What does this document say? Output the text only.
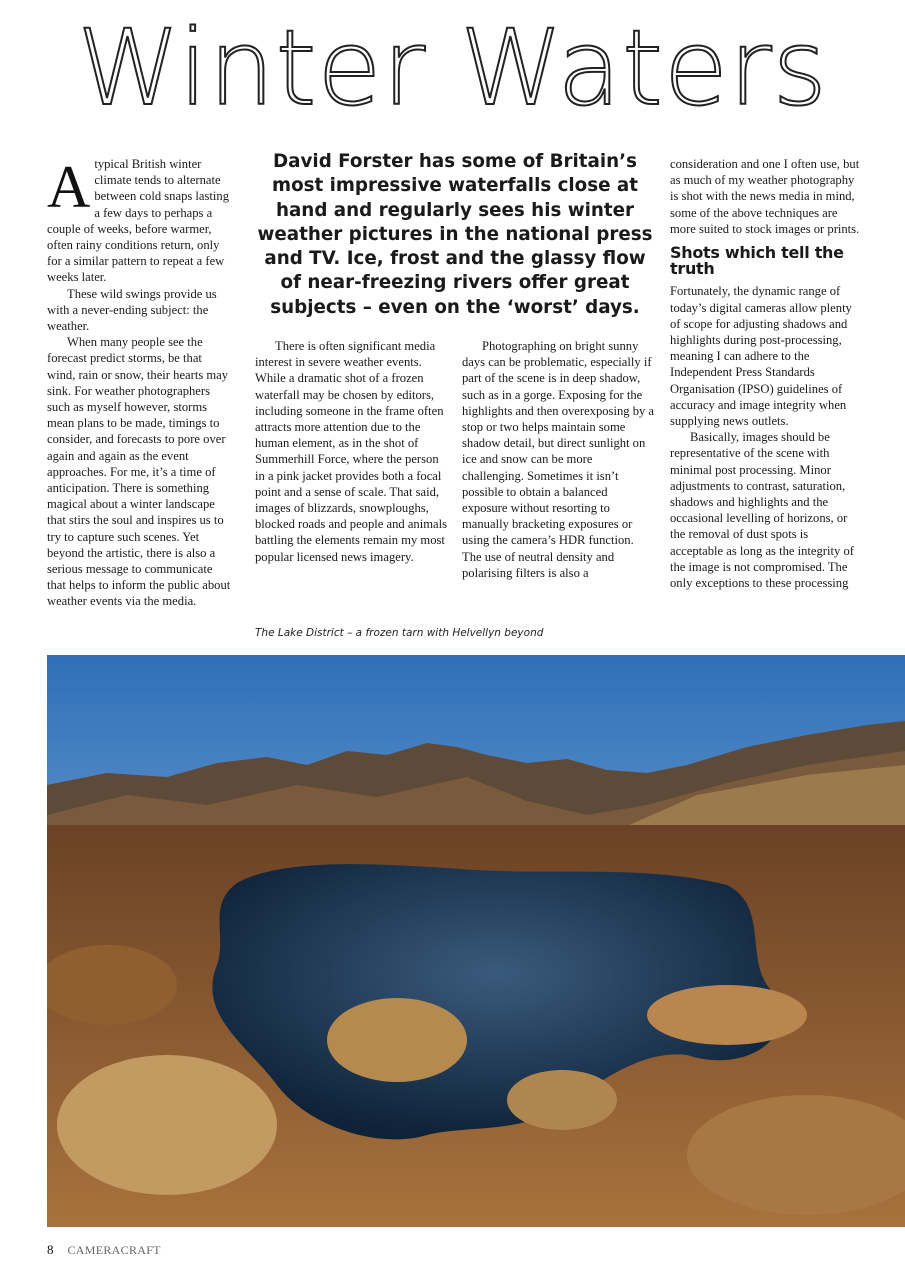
Winter Waters

Atypical British winter climate tends to alternate between cold snaps lasting a few days to perhaps a couple of weeks, before warmer, often rainy conditions return, only for a similar pattern to repeat a few weeks later.

These wild swings provide us with a never-ending subject: the weather.

When many people see the forecast predict storms, be that wind, rain or snow, their hearts may sink. For weather photographers such as myself however, storms mean plans to be made, timings to consider, and forecasts to pore over again and again as the event approaches. For me, it’s a time of anticipation. There is something magical about a winter landscape that stirs the soul and inspires us to try to capture such scenes. Yet beyond the artistic, there is also a serious message to communicate that helps to inform the public about weather events via the media.

David Forster has some of Britain’s most impressive waterfalls close at hand and regularly sees his winter weather pictures in the national press and TV. Ice, frost and the glassy flow of near-freezing rivers offer great subjects – even on the ‘worst’ days.

There is often significant media interest in severe weather events. While a dramatic shot of a frozen waterfall may be chosen by editors, including someone in the frame often attracts more attention due to the human element, as in the shot of Summerhill Force, where the person in a pink jacket provides both a focal point and a sense of scale. That said, images of blizzards, snowploughs, blocked roads and people and animals battling the elements remain my most popular licensed news imagery.

Photographing on bright sunny days can be problematic, especially if part of the scene is in deep shadow, such as in a gorge. Exposing for the highlights and then overexposing by a stop or two helps maintain some shadow detail, but direct sunlight on ice and snow can be more challenging. Sometimes it isn’t possible to obtain a balanced exposure without resorting to manually bracketing exposures or using the camera’s HDR function. The use of neutral density and polarising filters is also a

The Lake District – a frozen tarn with Helvellyn beyond

consideration and one I often use, but as much of my weather photography is shot with the news media in mind, some of the above techniques are more suited to stock images or prints.

Shots which tell the truth

Fortunately, the dynamic range of today’s digital cameras allow plenty of scope for adjusting shadows and highlights during post-processing, meaning I can adhere to the Independent Press Standards Organisation (IPSO) guidelines of accuracy and image integrity when supplying news outlets.

Basically, images should be representative of the scene with minimal post processing. Minor adjustments to contrast, saturation, shadows and highlights and the occasional levelling of horizons, or the removal of dust spots is acceptable as long as the integrity of the image is not compromised. The only exceptions to these processing

8 CAMERACRAFT
